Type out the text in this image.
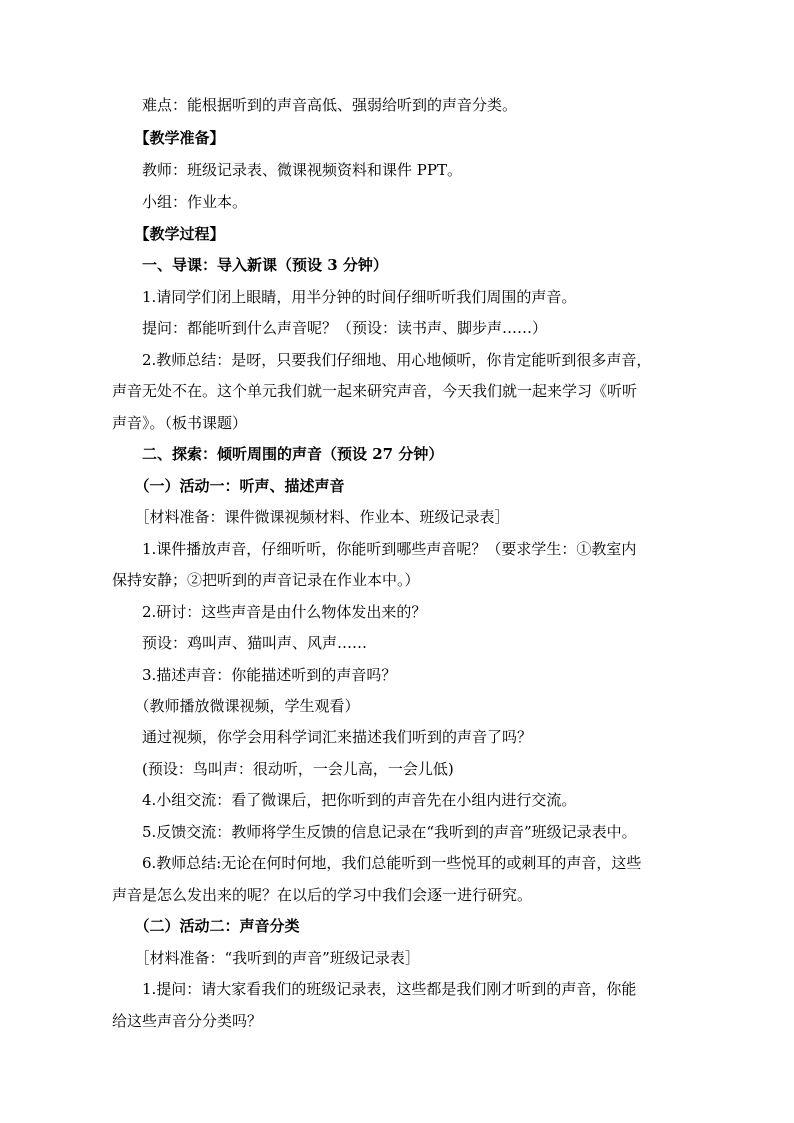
　　难点：能根据听到的声音高低、强弱给听到的声音分类。
　　【教学准备】
　　教师：班级记录表、微课视频资料和课件 PPT。
　　小组：作业本。
　　【教学过程】
　　一、导课：导入新课（预设 3 分钟）
　　1.请同学们闭上眼睛，用半分钟的时间仔细听听我们周围的声音。
　　提问：都能听到什么声音呢？（预设：读书声、脚步声……）
　　2.教师总结：是呀，只要我们仔细地、用心地倾听，你肯定能听到很多声音，
声音无处不在。这个单元我们就一起来研究声音，今天我们就一起来学习《听听
声音》。（板书课题）
　　二、探索：倾听周围的声音（预设 27 分钟）
　　（一）活动一：听声、描述声音
　　［材料准备：课件微课视频材料、作业本、班级记录表］
　　1.课件播放声音，仔细听听，你能听到哪些声音呢？（要求学生：①教室内
保持安静；②把听到的声音记录在作业本中。）
　　2.研讨：这些声音是由什么物体发出来的？
　　预设：鸡叫声、猫叫声、风声……
　　3.描述声音：你能描述听到的声音吗？
　　（教师播放微课视频，学生观看）
　　通过视频，你学会用科学词汇来描述我们听到的声音了吗？
　　(预设：鸟叫声：很动听，一会儿高，一会儿低)
　　4.小组交流：看了微课后，把你听到的声音先在小组内进行交流。
　　5.反馈交流：教师将学生反馈的信息记录在“我听到的声音”班级记录表中。
　　6.教师总结:无论在何时何地，我们总能听到一些悦耳的或刺耳的声音，这些
声音是怎么发出来的呢？在以后的学习中我们会逐一进行研究。
　　（二）活动二：声音分类
　　［材料准备：“我听到的声音”班级记录表］
　　1.提问：请大家看我们的班级记录表，这些都是我们刚才听到的声音，你能
给这些声音分分类吗？
